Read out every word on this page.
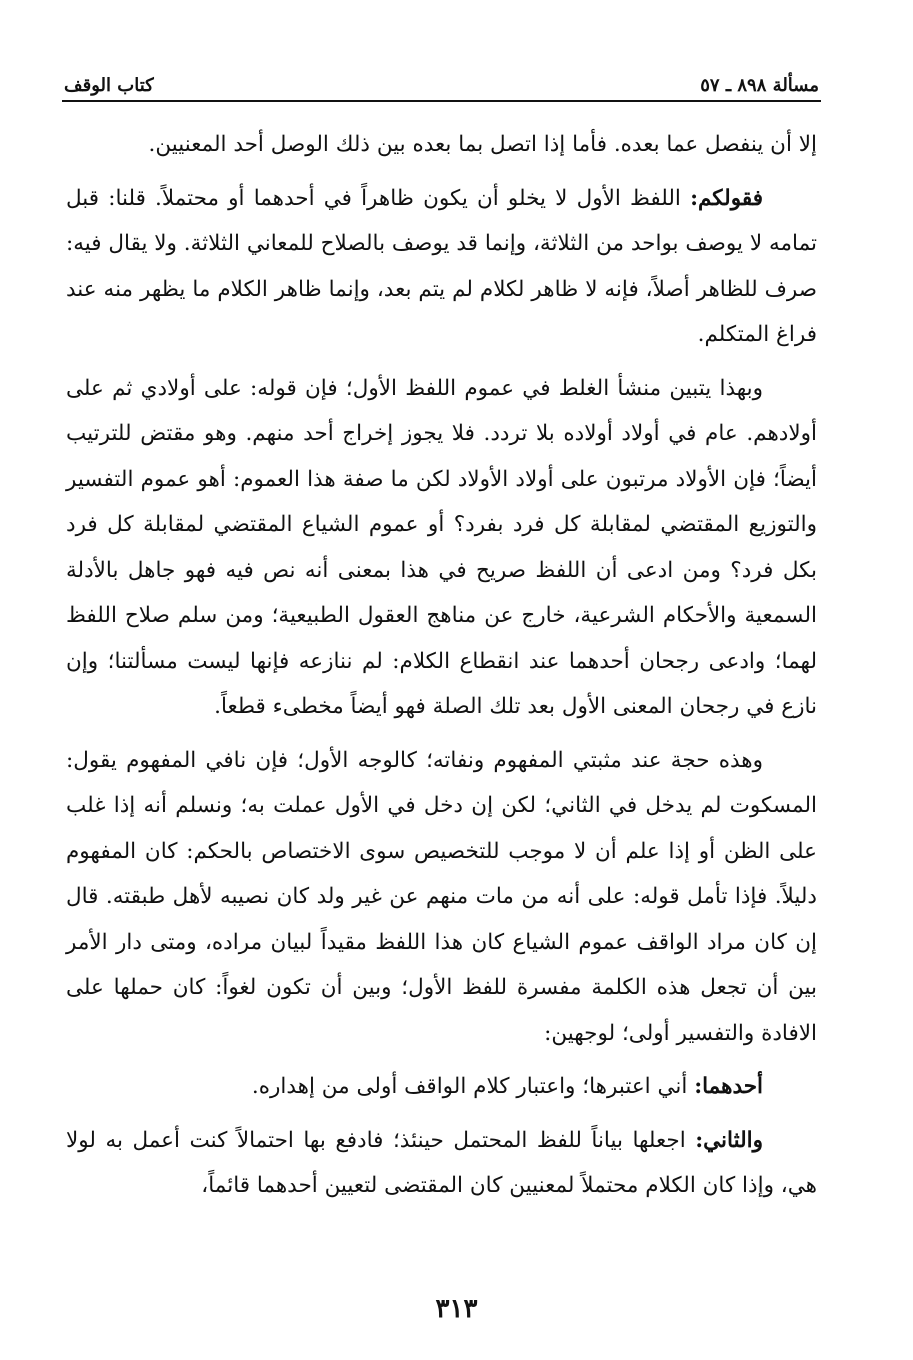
مسألة ٨٩٨ ـ ٥٧
كتاب الوقف

إلا أن ينفصل عما بعده. فأما إذا اتصل بما بعده بين ذلك الوصل أحد المعنيين.

فقولكم: اللفظ الأول لا يخلو أن يكون ظاهراً في أحدهما أو محتملاً. قلنا: قبل تمامه لا يوصف بواحد من الثلاثة، وإنما قد يوصف بالصلاح للمعاني الثلاثة. ولا يقال فيه: صرف للظاهر أصلاً، فإنه لا ظاهر لكلام لم يتم بعد، وإنما ظاهر الكلام ما يظهر منه عند فراغ المتكلم.

وبهذا يتبين منشأ الغلط في عموم اللفظ الأول؛ فإن قوله: على أولادي ثم على أولادهم. عام في أولاد أولاده بلا تردد. فلا يجوز إخراج أحد منهم. وهو مقتض للترتيب أيضاً؛ فإن الأولاد مرتبون على أولاد الأولاد لكن ما صفة هذا العموم: أهو عموم التفسير والتوزيع المقتضي لمقابلة كل فرد بفرد؟ أو عموم الشياع المقتضي لمقابلة كل فرد بكل فرد؟ ومن ادعى أن اللفظ صريح في هذا بمعنى أنه نص فيه فهو جاهل بالأدلة السمعية والأحكام الشرعية، خارج عن مناهج العقول الطبيعية؛ ومن سلم صلاح اللفظ لهما؛ وادعى رجحان أحدهما عند انقطاع الكلام: لم ننازعه فإنها ليست مسألتنا؛ وإن نازع في رجحان المعنى الأول بعد تلك الصلة فهو أيضاً مخطىء قطعاً.

وهذه حجة عند مثبتي المفهوم ونفاته؛ كالوجه الأول؛ فإن نافي المفهوم يقول: المسكوت لم يدخل في الثاني؛ لكن إن دخل في الأول عملت به؛ ونسلم أنه إذا غلب على الظن أو إذا علم أن لا موجب للتخصيص سوى الاختصاص بالحكم: كان المفهوم دليلاً. فإذا تأمل قوله: على أنه من مات منهم عن غير ولد كان نصيبه لأهل طبقته. قال إن كان مراد الواقف عموم الشياع كان هذا اللفظ مقيداً لبيان مراده، ومتى دار الأمر بين أن تجعل هذه الكلمة مفسرة للفظ الأول؛ وبين أن تكون لغواً: كان حملها على الافادة والتفسير أولى؛ لوجهين:

أحدهما: أني اعتبرها؛ واعتبار كلام الواقف أولى من إهداره.

والثاني: اجعلها بياناً للفظ المحتمل حينئذ؛ فادفع بها احتمالاً كنت أعمل به لولا هي، وإذا كان الكلام محتملاً لمعنيين كان المقتضى لتعيين أحدهما قائماً،

٣١٣
